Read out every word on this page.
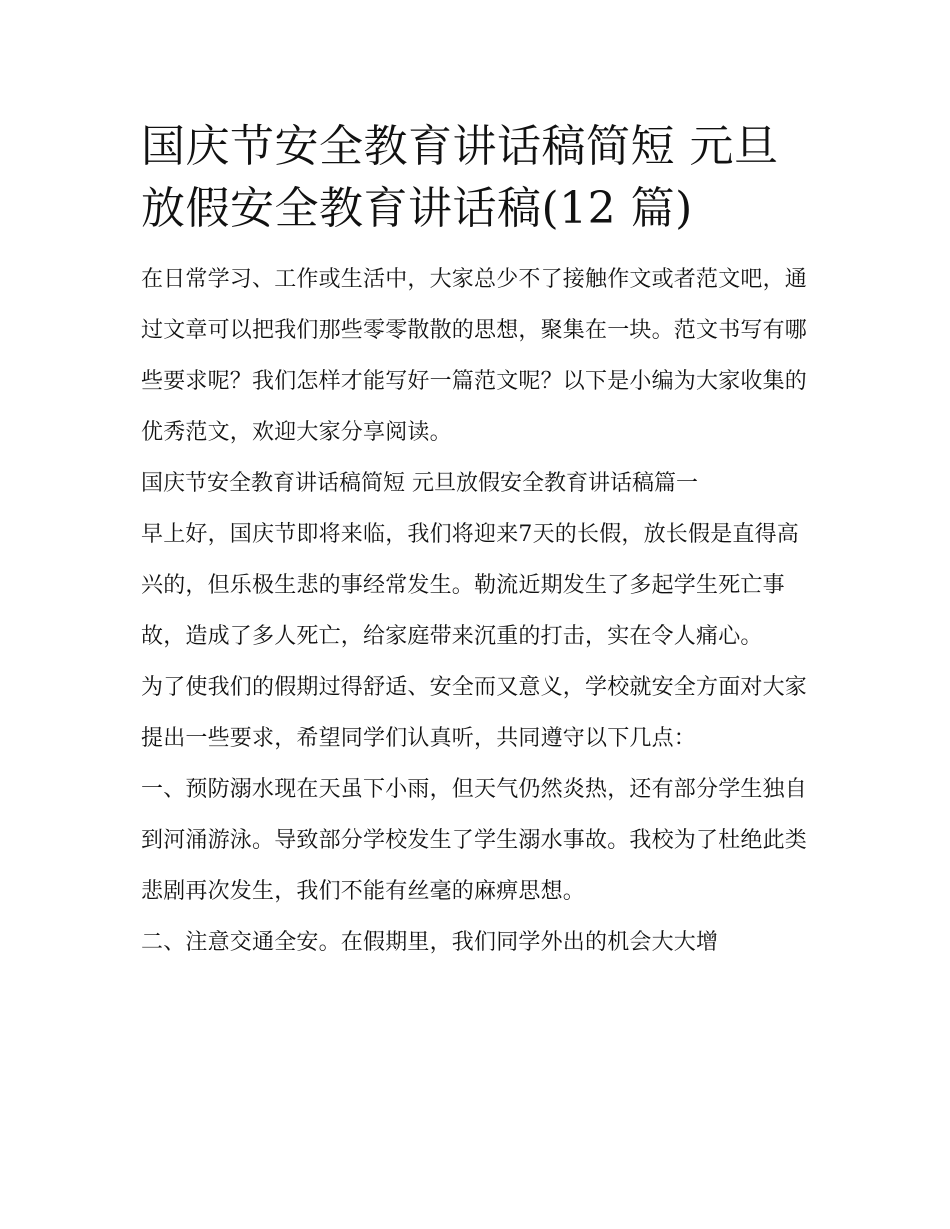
国庆节安全教育讲话稿简短 元旦放假安全教育讲话稿(12 篇)

在日常学习、工作或生活中，大家总少不了接触作文或者范文吧，通过文章可以把我们那些零零散散的思想，聚集在一块。范文书写有哪些要求呢？我们怎样才能写好一篇范文呢？以下是小编为大家收集的优秀范文，欢迎大家分享阅读。

国庆节安全教育讲话稿简短 元旦放假安全教育讲话稿篇一

早上好，国庆节即将来临，我们将迎来7天的长假，放长假是直得高兴的，但乐极生悲的事经常发生。勒流近期发生了多起学生死亡事故，造成了多人死亡，给家庭带来沉重的打击，实在令人痛心。

为了使我们的假期过得舒适、安全而又意义，学校就安全方面对大家提出一些要求，希望同学们认真听，共同遵守以下几点：

一、预防溺水现在天虽下小雨，但天气仍然炎热，还有部分学生独自到河涌游泳。导致部分学校发生了学生溺水事故。我校为了杜绝此类悲剧再次发生，我们不能有丝毫的麻痹思想。

二、注意交通全安。在假期里，我们同学外出的机会大大增
